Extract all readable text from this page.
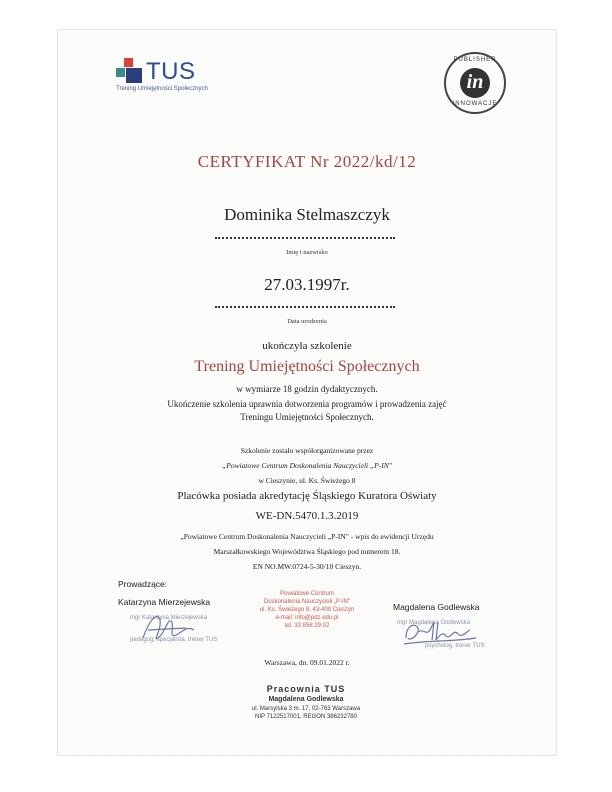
TUS
Trening Umiejętności Społecznych
PUBLISHER
in
INNOWACJE
CERTYFIKAT Nr 2022/kd/12
Dominika Stelmaszczyk
Imię i nazwisko
27.03.1997r.
Data urodzenia
ukończyła szkolenie
Trening Umiejętności Społecznych
w wymiarze 18 godzin dydaktycznych.
Ukończenie szkolenia uprawnia dotworzenia programów i prowadzenia zajęć
Treningu Umiejętności Społecznych.
Szkolenie zostało współorganizowane przez
„Powiatowe Centrum Doskonalenia Nauczycieli „P-IN"
w Cieszynie, ul. Ks. Świeżego 8
Placówka posiada akredytację Śląskiego Kuratora Oświaty
WE-DN.5470.1.3.2019
„Powiatowe Centrum Doskonalenia Nauczycieli „P-IN" - wpis do ewidencji Urzędu
Marszałkowskiego Województwa Śląskiego pod numerem 18.
EN NO.MW.0724-5-30/10 Cieszyn.
Prowadzące:
Katarzyna Mierzejewska
mgr Katarzyna Mierzejewska
pedagog, specjalista, trener TUS
Powiatowe Centrum
Doskonalenia Nauczycieli „P-IN"
ul. Ks. Świeżego 8, 43-400 Cieszyn
e-mail: info@pdz.edu.pl
tel. 33 858 29 02
Magdalena Godlewska
mgr Magdalena Godlewska
psycholog, trener TUS
Warszawa, dn. 09.01.2022 r.
Pracownia TUS
Magdalena Godlewska
ul. Marsylska 3 m. 17, 02-763 Warszawa
NIP 7122517001, REGON 386232780
